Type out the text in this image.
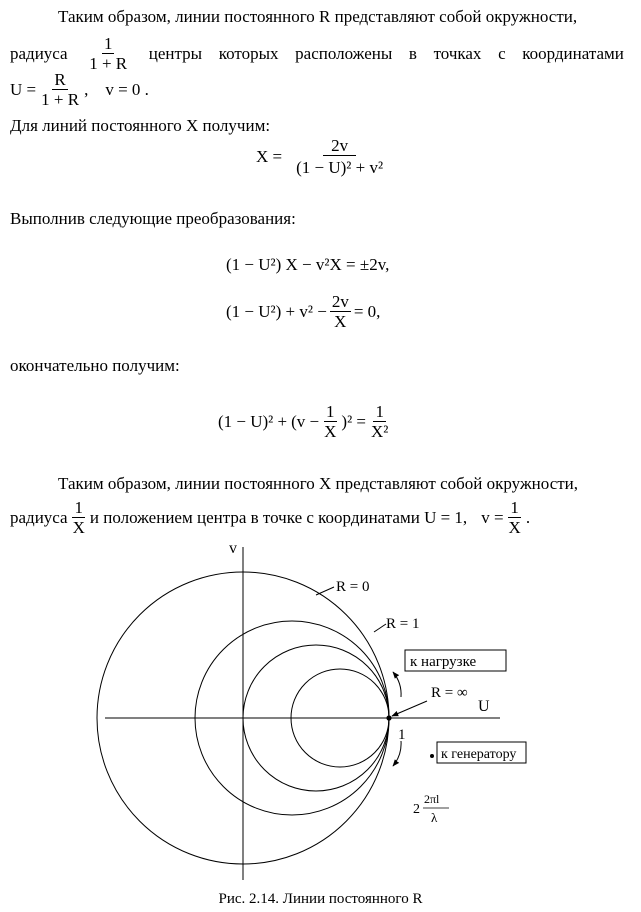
Таким образом, линии постоянного R представляют собой окружности,
радиуса $\frac{1}{1 + R}$ центры которых расположены в точках с координатами
$U = \frac{R}{1 + R}$ ,    v = 0 .
Для линий постоянного X получим:
$X = \frac{2v}{\text{(1 − U)² + v²}}$
Выполнив следующие преобразования:
(1 − U²) X − v²X = ±2v,
$(1 - U^2) + v^2 - \frac{2v}{X} = 0$,
окончательно получим:
$(1 - U)^2 + (v - \frac{1}{X} )^2 = \frac{1}{\text{X²}}$
Таким образом, линии постоянного X представляют собой окружности,
радиуса $\frac{1}{X}$ и положением центра в точке с координатами U = 1, $v = \frac{1}{X}$ .
v
U
R = 0
R = 1
R = ∞
1
к нагрузке
к генератору
2
2πl
λ
Рис. 2.14. Линии постоянного R
